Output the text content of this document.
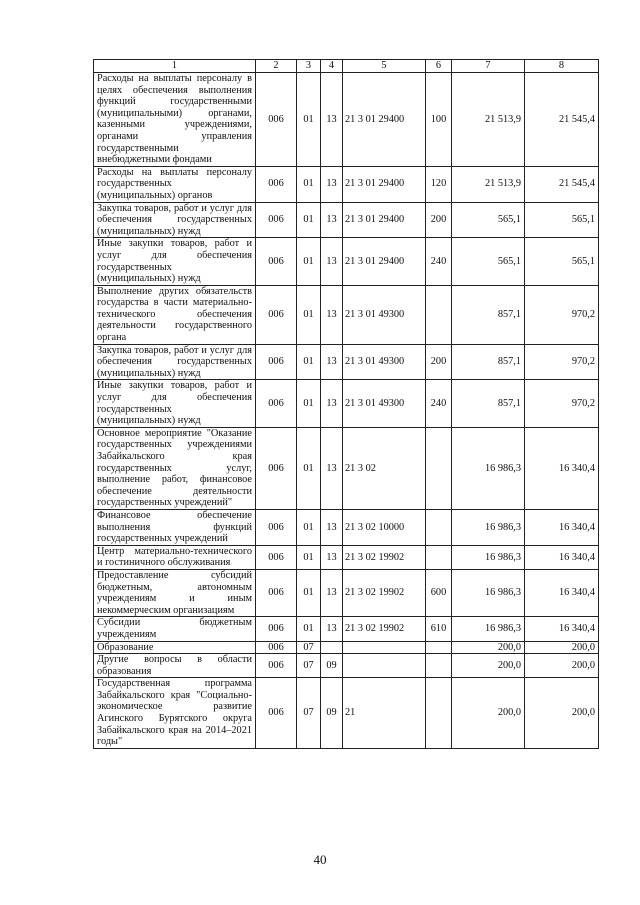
1	2	3	4	5	6	7	8
Расходы на выплаты персоналу в целях обеспечения выполнения функций государственными (муниципальными) органами, казенными учреждениями, органами управления государственными внебюджетными фондами	006	01	13	21 3 01 29400	100	21 513,9	21 545,4
Расходы на выплаты персоналу государственных (муниципальных) органов	006	01	13	21 3 01 29400	120	21 513,9	21 545,4
Закупка товаров, работ и услуг для обеспечения государственных (муниципальных) нужд	006	01	13	21 3 01 29400	200	565,1	565,1
Иные закупки товаров, работ и услуг для обеспечения государственных (муниципальных) нужд	006	01	13	21 3 01 29400	240	565,1	565,1
Выполнение других обязательств государства в части материально-технического обеспечения деятельности государственного органа	006	01	13	21 3 01 49300		857,1	970,2
Закупка товаров, работ и услуг для обеспечения государственных (муниципальных) нужд	006	01	13	21 3 01 49300	200	857,1	970,2
Иные закупки товаров, работ и услуг для обеспечения государственных (муниципальных) нужд	006	01	13	21 3 01 49300	240	857,1	970,2
Основное мероприятие "Оказание государственных учреждениями Забайкальского края государственных услуг, выполнение работ, финансовое обеспечение деятельности государственных учреждений"	006	01	13	21 3 02		16 986,3	16 340,4
Финансовое обеспечение выполнения функций государственных учреждений	006	01	13	21 3 02 10000		16 986,3	16 340,4
Центр материально-технического и гостиничного обслуживания	006	01	13	21 3 02 19902		16 986,3	16 340,4
Предоставление субсидий бюджетным, автономным учреждениям и иным некоммерческим организациям	006	01	13	21 3 02 19902	600	16 986,3	16 340,4
Субсидии бюджетным учреждениям	006	01	13	21 3 02 19902	610	16 986,3	16 340,4
Образование	006	07				200,0	200,0
Другие вопросы в области образования	006	07	09			200,0	200,0
Государственная программа Забайкальского края "Социально-экономическое развитие Агинского Бурятского округа Забайкальского края на 2014–2021 годы"	006	07	09	21		200,0	200,0
40
